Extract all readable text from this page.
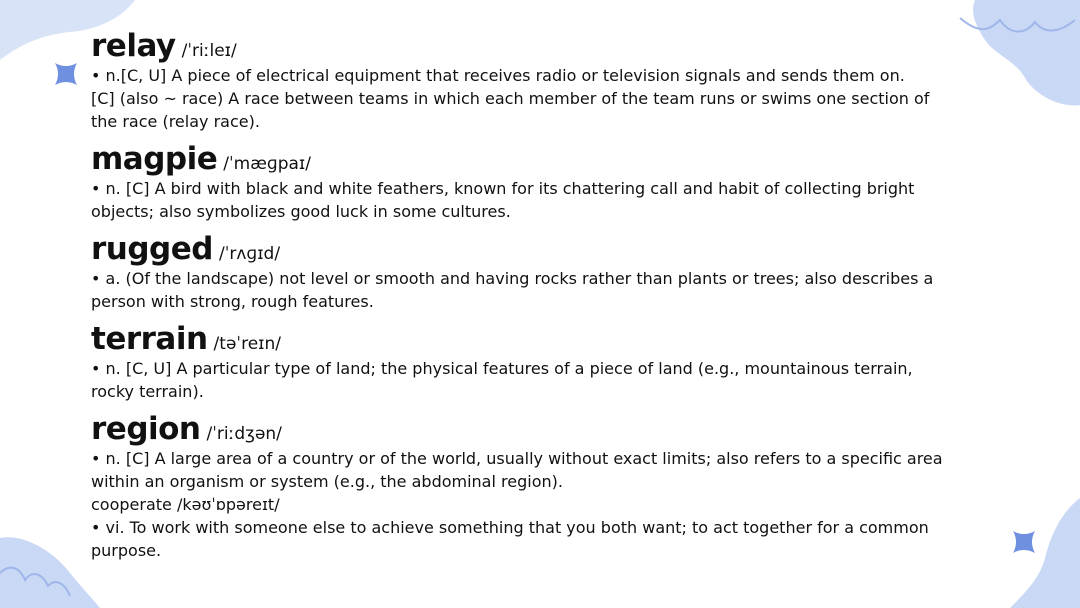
relay /ˈriːleɪ/
• n.[C, U] A piece of electrical equipment that receives radio or television signals and sends them on.
[C] (also ~ race) A race between teams in which each member of the team runs or swims one section of
the race (relay race).
magpie /ˈmæɡpaɪ/
• n. [C] A bird with black and white feathers, known for its chattering call and habit of collecting bright
objects; also symbolizes good luck in some cultures.
rugged /ˈrʌɡɪd/
• a. (Of the landscape) not level or smooth and having rocks rather than plants or trees; also describes a
person with strong, rough features.
terrain /təˈreɪn/
• n. [C, U] A particular type of land; the physical features of a piece of land (e.g., mountainous terrain,
rocky terrain).
region /ˈriːdʒən/
• n. [C] A large area of a country or of the world, usually without exact limits; also refers to a specific area
within an organism or system (e.g., the abdominal region).
cooperate /kəʊˈɒpəreɪt/
• vi. To work with someone else to achieve something that you both want; to act together for a common
purpose.
